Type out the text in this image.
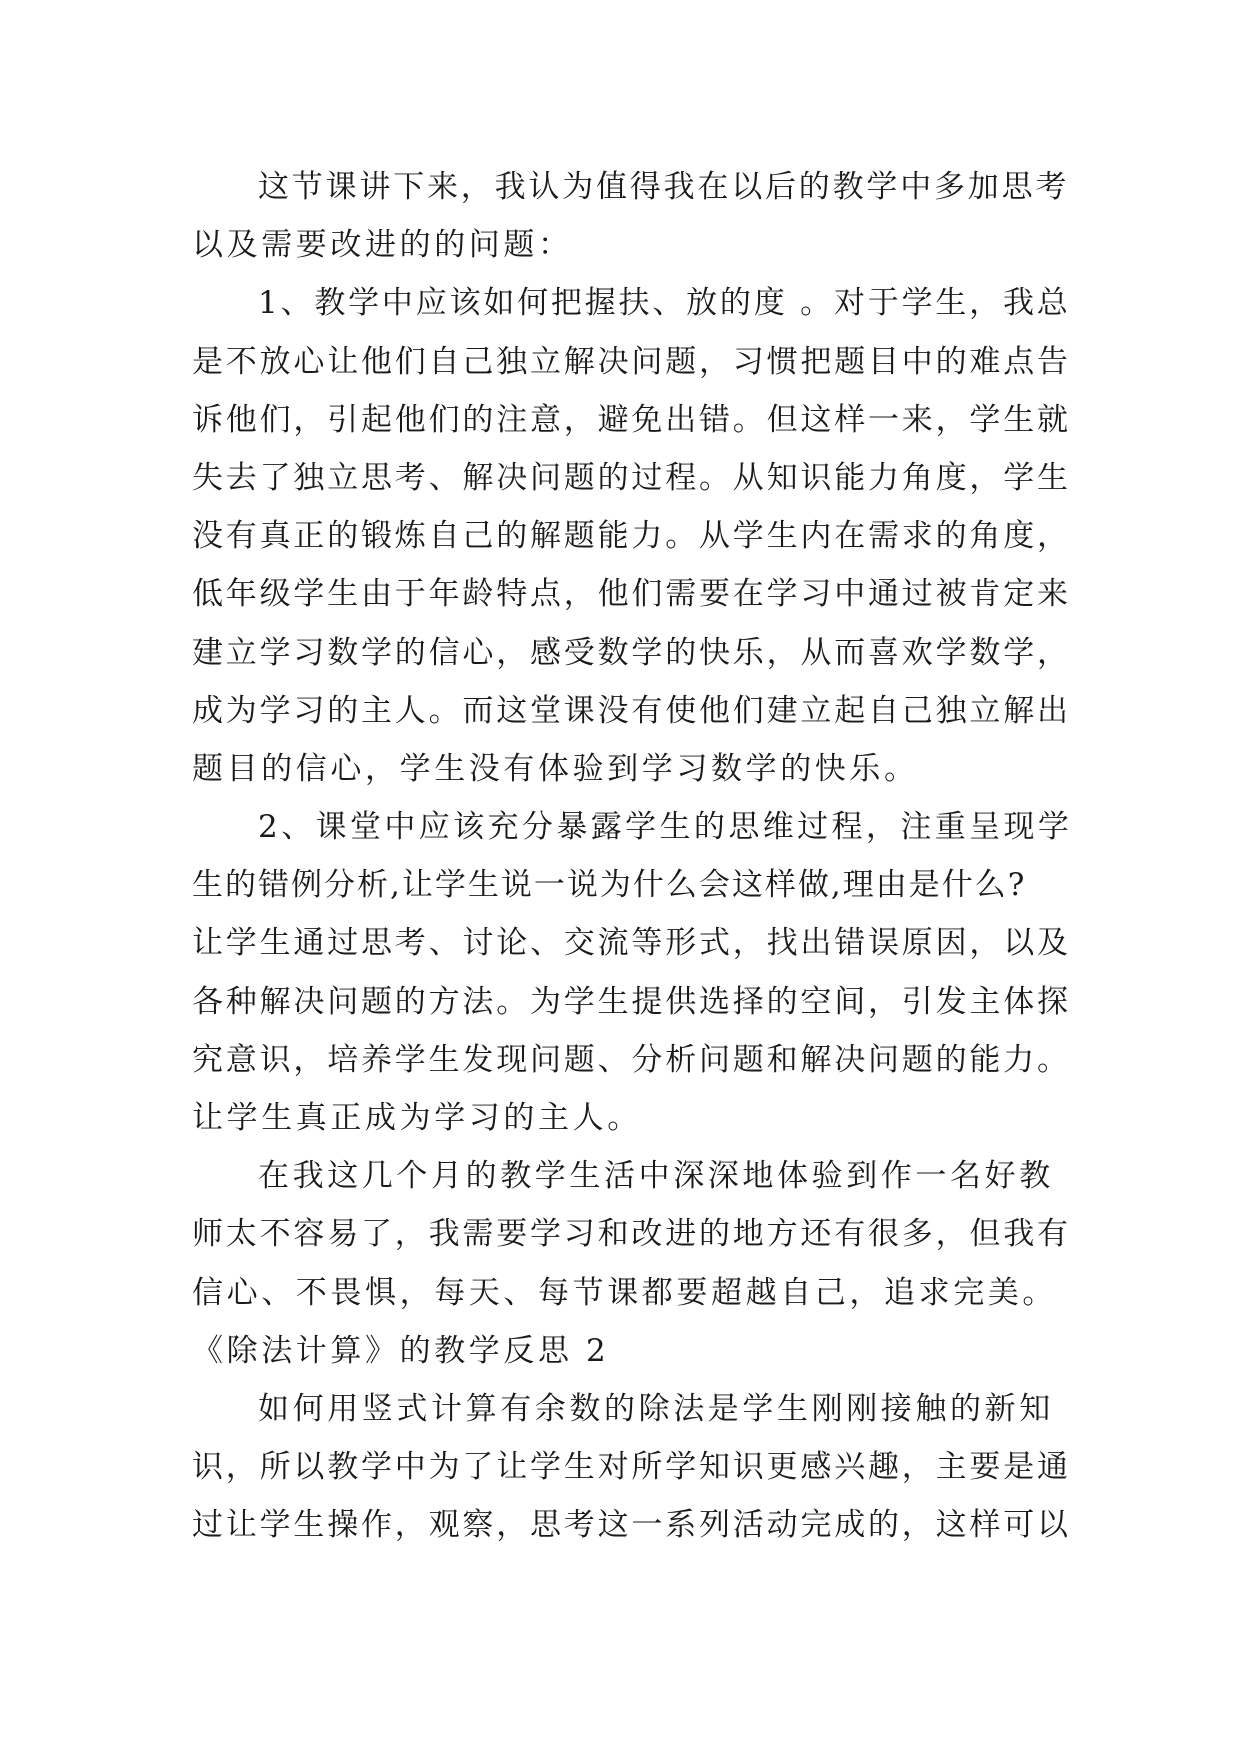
这节课讲下来，我认为值得我在以后的教学中多加思考
以及需要改进的的问题：
1、教学中应该如何把握扶、放的度 。对于学生，我总
是不放心让他们自己独立解决问题，习惯把题目中的难点告
诉他们，引起他们的注意，避免出错。但这样一来，学生就
失去了独立思考、解决问题的过程。从知识能力角度，学生
没有真正的锻炼自己的解题能力。从学生内在需求的角度，
低年级学生由于年龄特点，他们需要在学习中通过被肯定来
建立学习数学的信心，感受数学的快乐，从而喜欢学数学，
成为学习的主人。而这堂课没有使他们建立起自己独立解出
题目的信心，学生没有体验到学习数学的快乐。
2、课堂中应该充分暴露学生的思维过程，注重呈现学
生的错例分析,让学生说一说为什么会这样做,理由是什么?
让学生通过思考、讨论、交流等形式，找出错误原因，以及
各种解决问题的方法。为学生提供选择的空间，引发主体探
究意识，培养学生发现问题、分析问题和解决问题的能力。
让学生真正成为学习的主人。
在我这几个月的教学生活中深深地体验到作一名好教
师太不容易了，我需要学习和改进的地方还有很多，但我有
信心、不畏惧，每天、每节课都要超越自己，追求完美。
《除法计算》的教学反思 2
如何用竖式计算有余数的除法是学生刚刚接触的新知
识，所以教学中为了让学生对所学知识更感兴趣，主要是通
过让学生操作，观察，思考这一系列活动完成的，这样可以
